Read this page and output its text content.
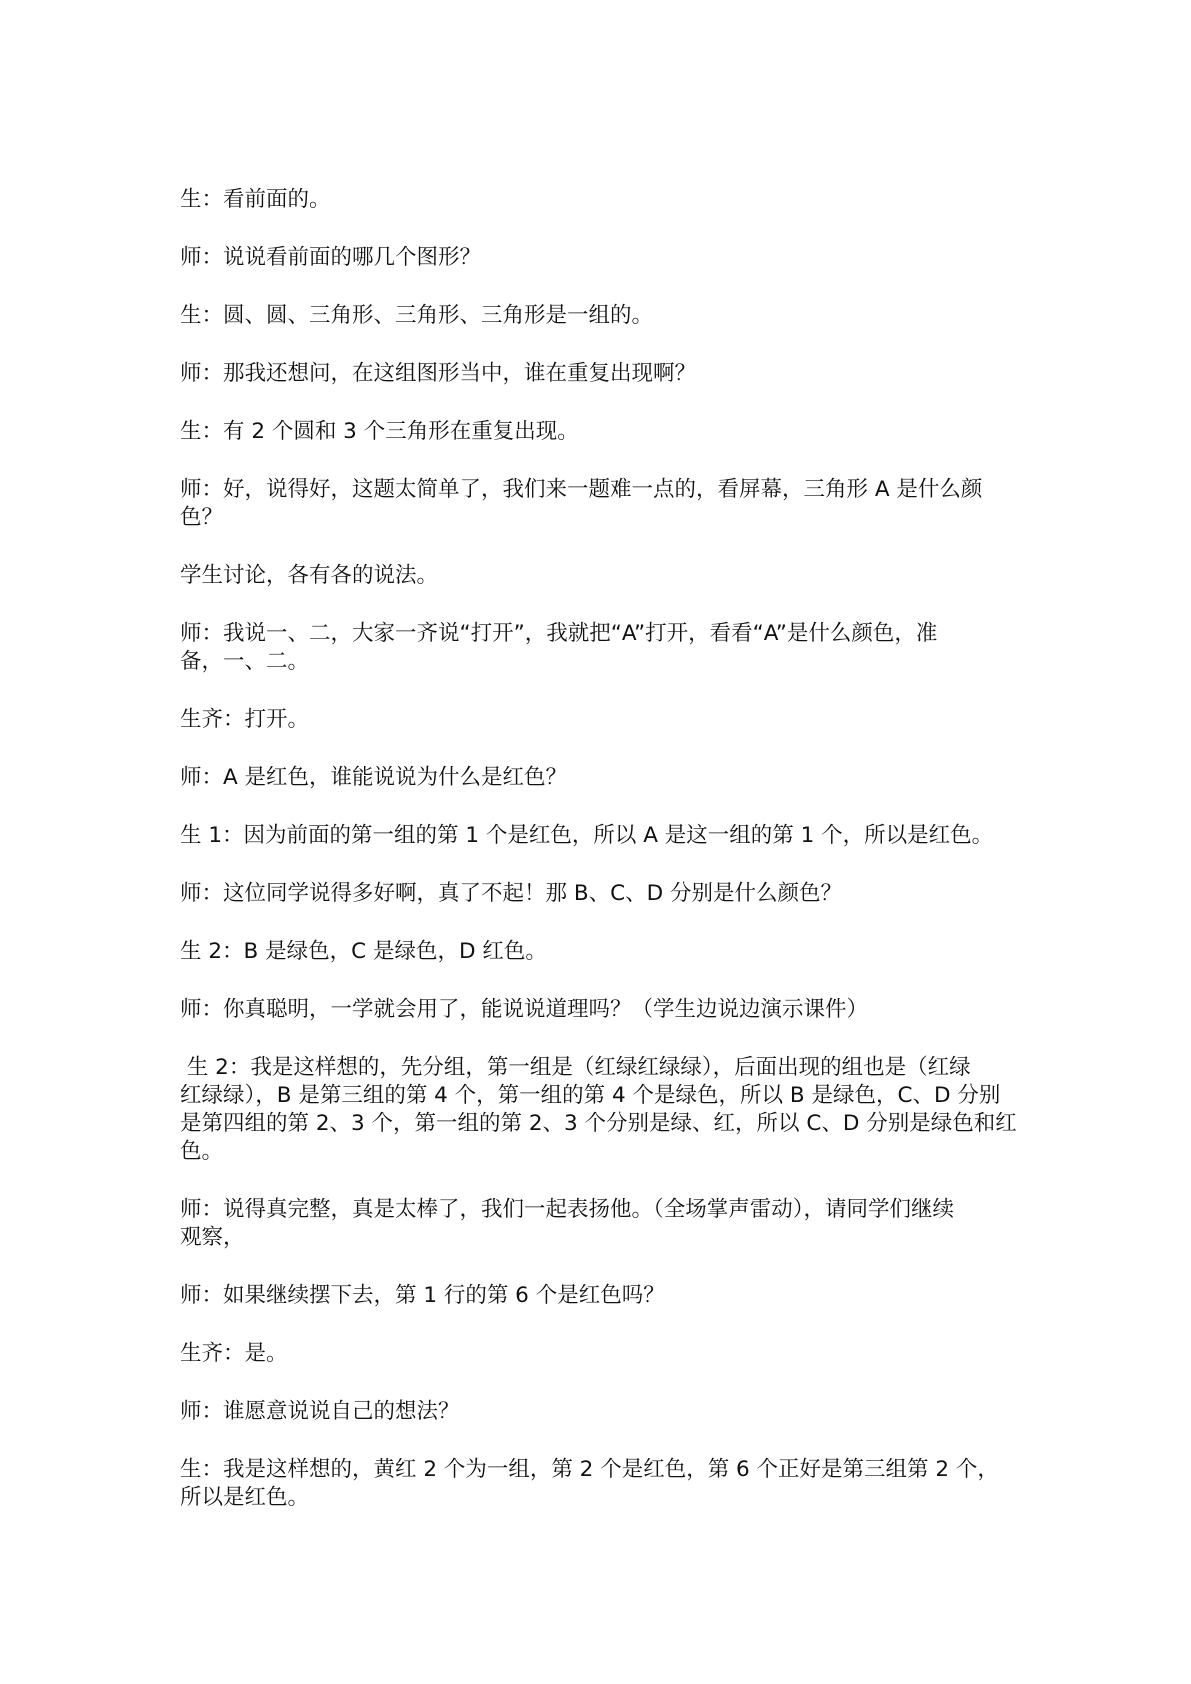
生：看前面的。

师：说说看前面的哪几个图形？

生：圆、圆、三角形、三角形、三角形是一组的。

师：那我还想问，在这组图形当中，谁在重复出现啊？

生：有 2 个圆和 3 个三角形在重复出现。

师：好，说得好，这题太简单了，我们来一题难一点的，看屏幕，三角形 A 是什么颜
色？

学生讨论，各有各的说法。

师：我说一、二，大家一齐说“打开”，我就把“A”打开，看看“A”是什么颜色，准
备，一、二。

生齐：打开。

师：A 是红色，谁能说说为什么是红色？

生 1：因为前面的第一组的第 1 个是红色，所以 A 是这一组的第 1 个，所以是红色。

师：这位同学说得多好啊，真了不起！那 B、C、D 分别是什么颜色？

生 2：B 是绿色，C 是绿色，D 红色。

师：你真聪明，一学就会用了，能说说道理吗？（学生边说边演示课件）

生 2：我是这样想的，先分组，第一组是（红绿红绿绿），后面出现的组也是（红绿
红绿绿），B 是第三组的第 4 个，第一组的第 4 个是绿色，所以 B 是绿色，C、D 分别
是第四组的第 2、3 个，第一组的第 2、3 个分别是绿、红，所以 C、D 分别是绿色和红
色。

师：说得真完整，真是太棒了，我们一起表扬他。（全场掌声雷动），请同学们继续
观察，

师：如果继续摆下去，第 1 行的第 6 个是红色吗？

生齐：是。

师：谁愿意说说自己的想法？

生：我是这样想的，黄红 2 个为一组，第 2 个是红色，第 6 个正好是第三组第 2 个，
所以是红色。
